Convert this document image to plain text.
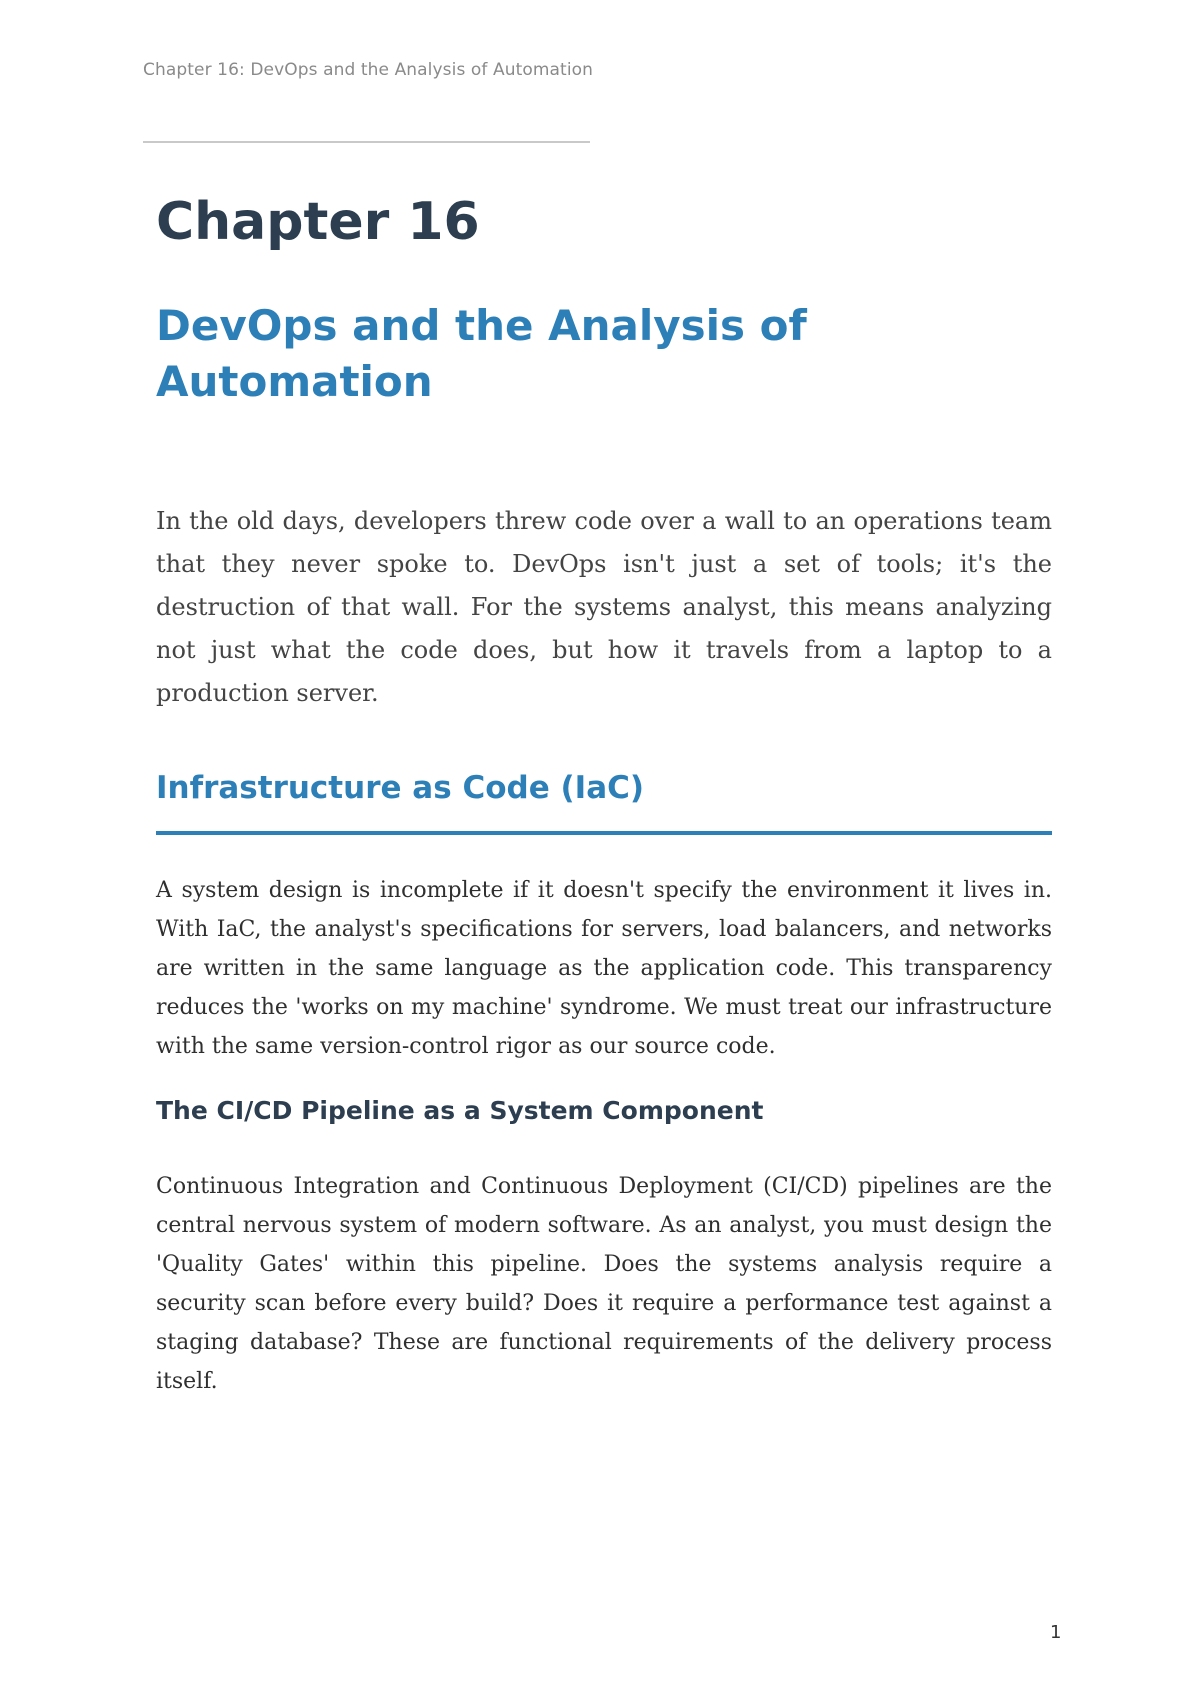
Chapter 16: DevOps and the Analysis of Automation
Chapter 16
DevOps and the Analysis of
Automation

In the old days, developers threw code over a wall to an operations team that they never spoke to. DevOps isn't just a set of tools; it's the destruction of that wall. For the systems analyst, this means analyzing not just what the code does, but how it travels from a laptop to a production server.

Infrastructure as Code (IaC)

A system design is incomplete if it doesn't specify the environment it lives in. With IaC, the analyst's specifications for servers, load balancers, and networks are written in the same language as the application code. This transparency reduces the 'works on my machine' syndrome. We must treat our infrastructure with the same version-control rigor as our source code.

The CI/CD Pipeline as a System Component

Continuous Integration and Continuous Deployment (CI/CD) pipelines are the central nervous system of modern software. As an analyst, you must design the 'Quality Gates' within this pipeline. Does the systems analysis require a security scan before every build? Does it require a performance test against a staging database? These are functional requirements of the delivery process itself.

1
